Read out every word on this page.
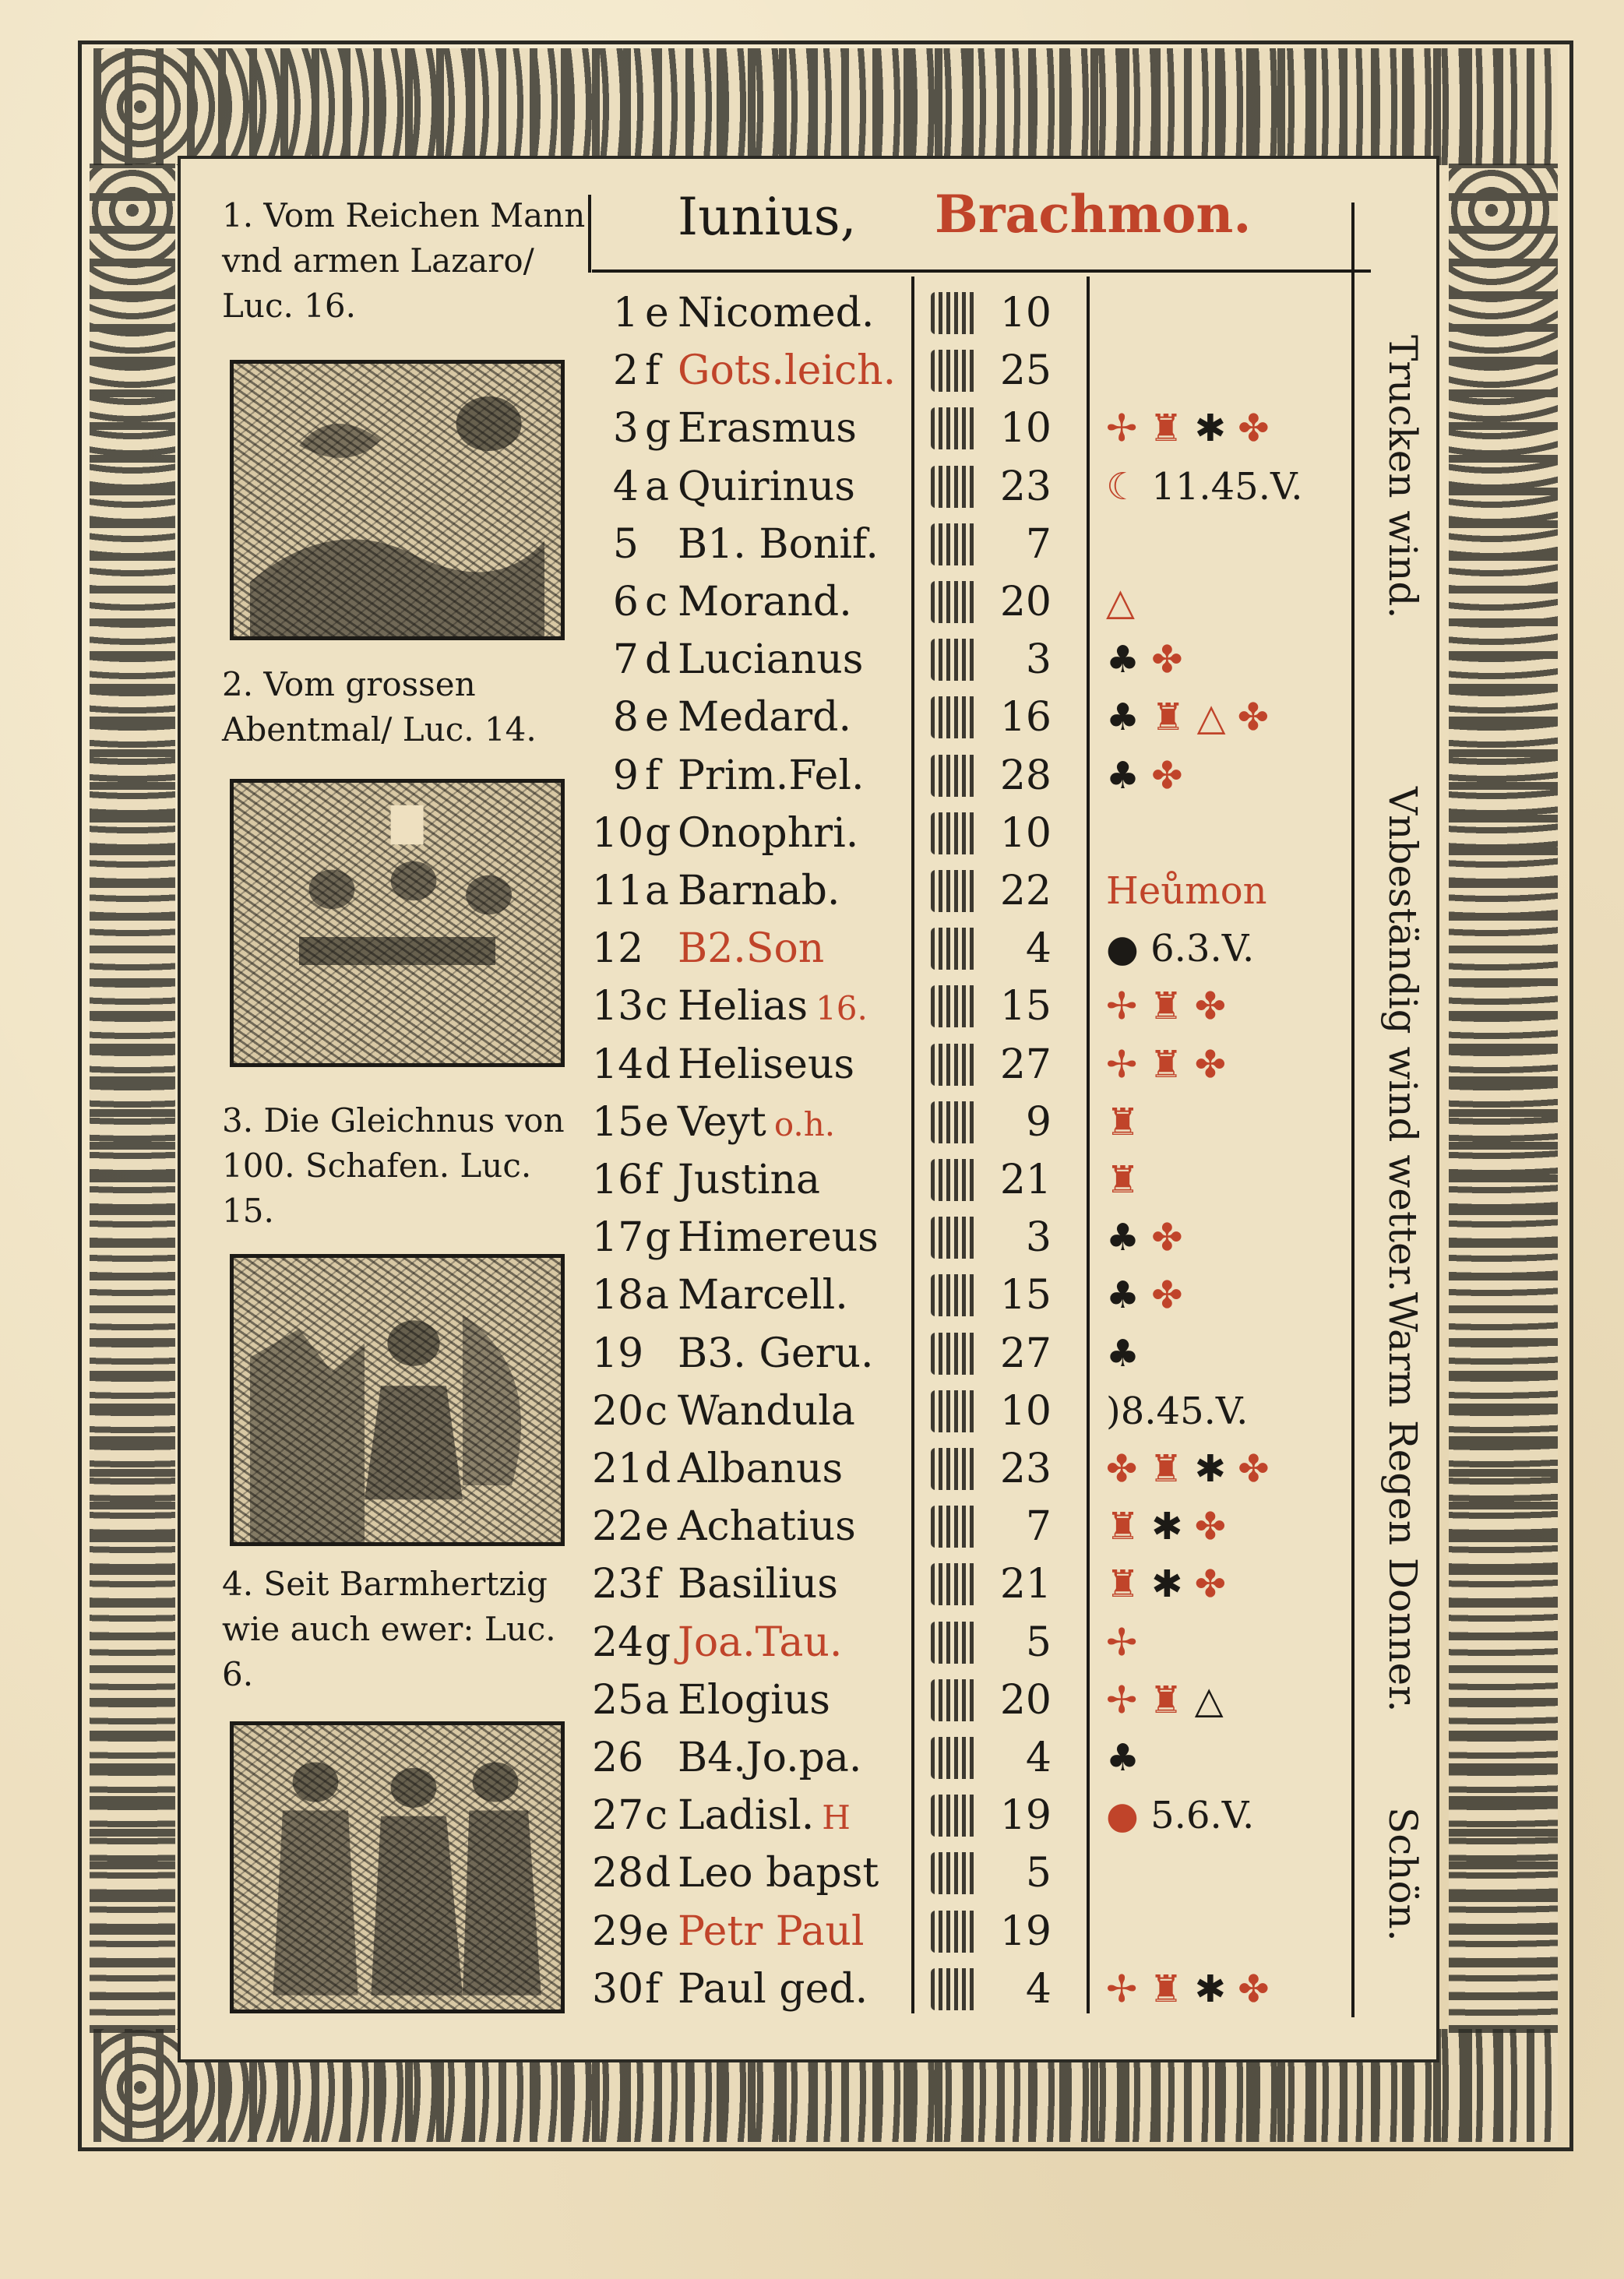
Iunius, Brachmon.
1. Vom Reichen Mann vnd armen Lazaro/ Luc. 16.
2. Vom grossen Abentmal/ Luc. 14.
3. Die Gleichnus von 100. Schafen. Luc. 15.
4. Seit Barmhertzig wie auch ewer: Luc. 6.
1 e Nicomed.	10
2 f Gots.leich.	25
3 g Erasmus	10 ✢ ♜ ✱ ✤
4 a Quirinus	23 ☾ 11.45.V.
5 B1. Bonif.	7
6 c Morand.	20 △
7 d Lucianus	3 ♣ ✤
8 e Medard.	16 ♣ ♜ △ ✤
9 f Prim.Fel.	28 ♣ ✤
10 g Onophri.	10
11 a Barnab.	22 Heůmon
12 B2.Son	4 ● 6.3.V.
13 c Helias 16.	15 ✢ ♜ ✤
14 d Heliseus	27 ✢ ♜ ✤
15 e Veyt o.h.	9 ♜
16 f Justina	21 ♜
17 g Himereus	3 ♣ ✤
18 a Marcell.	15 ♣ ✤
19 B3. Geru.	27 ♣
20 c Wandula	10 )8.45.V.
21 d Albanus	23 ✤ ♜ ✱ ✤
22 e Achatius	7 ♜ ✱ ✤
23 f Basilius	21 ♜ ✱ ✤
24 g Joa.Tau.	5 ✢
25 a Elogius	20 ✢ ♜ △
26 B4.Jo.pa.	4 ♣
27 c Ladisl. H	19 ● 5.6.V.
28 d Leo bapst	5
29 e Petr Paul	19
30 f Paul ged.	4 ✢ ♜ ✱ ✤
Trucken wind.
Vnbeständig wind wetter.Warm Regen Donner.
Schön.
